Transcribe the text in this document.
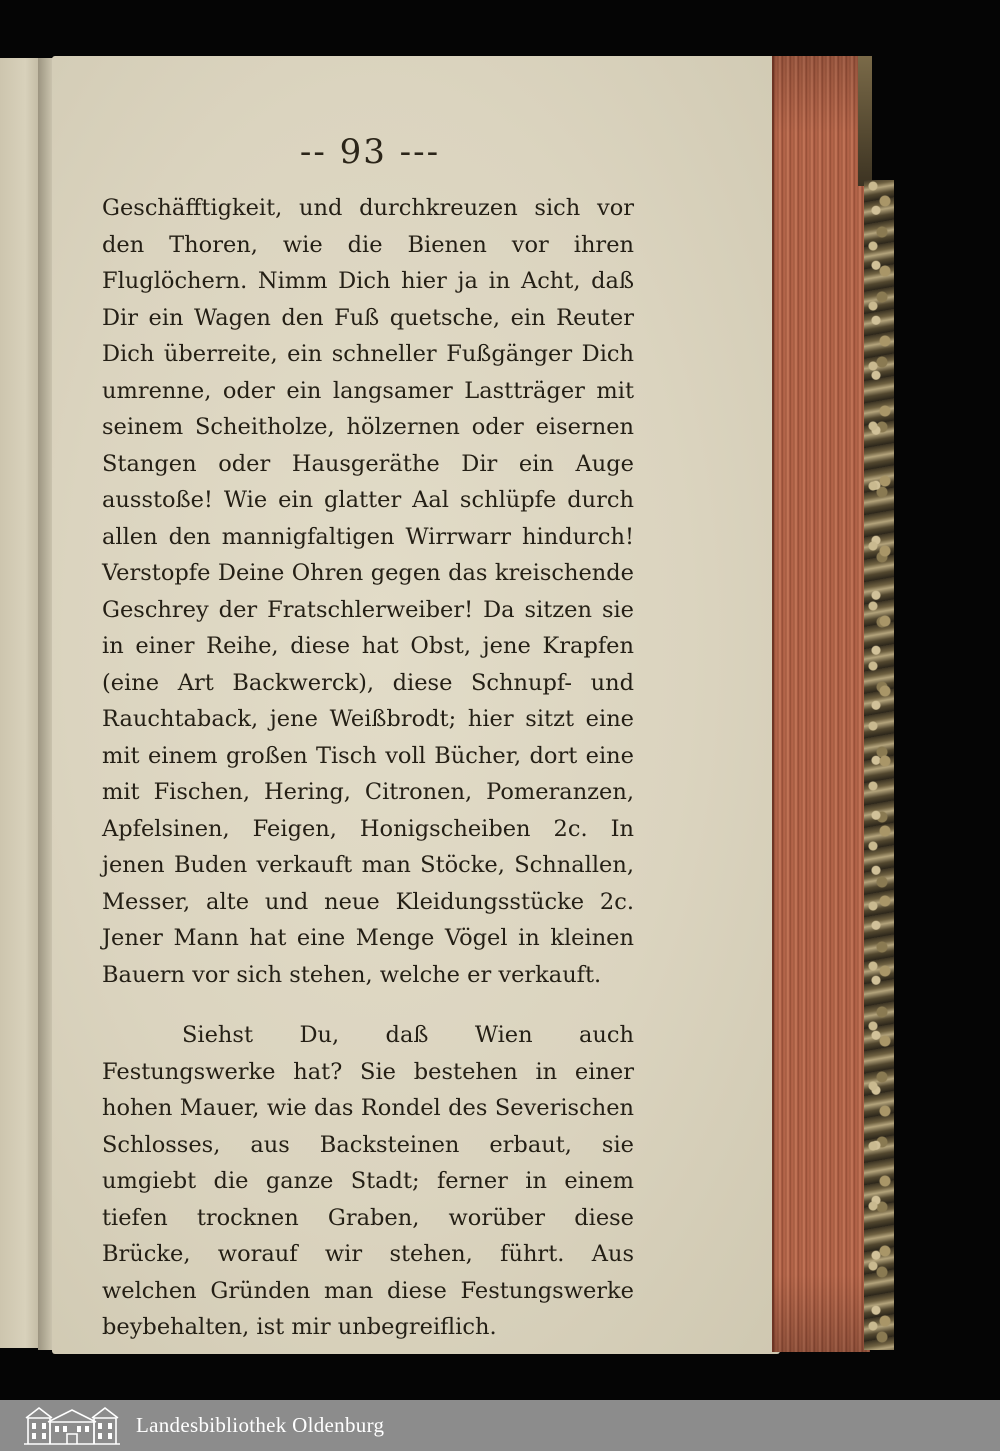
-- 93 ---

Geschäfftigkeit, und durchkreuzen sich vor den Thoren, wie die Bienen vor ihren Fluglöchern. Nimm Dich hier ja in Acht, daß Dir ein Wagen den Fuß quetsche, ein Reuter Dich überreite, ein schneller Fußgänger Dich umrenne, oder ein langsamer Lastträger mit seinem Scheitholze, hölzernen oder eisernen Stangen oder Hausgeräthe Dir ein Auge ausstoße! Wie ein glatter Aal schlüpfe durch allen den mannigfaltigen Wirrwarr hindurch! Verstopfe Deine Ohren gegen das kreischende Geschrey der Fratschlerweiber! Da sitzen sie in einer Reihe, diese hat Obst, jene Krapfen (eine Art Backwerck), diese Schnupf- und Rauchtaback, jene Weißbrodt; hier sitzt eine mit einem großen Tisch voll Bücher, dort eine mit Fischen, Hering, Citronen, Pomeranzen, Apfelsinen, Feigen, Honigscheiben 2c. In jenen Buden verkauft man Stöcke, Schnallen, Messer, alte und neue Kleidungsstücke 2c. Jener Mann hat eine Menge Vögel in kleinen Bauern vor sich stehen, welche er verkauft.

Siehst Du, daß Wien auch Festungswerke hat? Sie bestehen in einer hohen Mauer, wie das Rondel des Severischen Schlosses, aus Backsteinen erbaut, sie umgiebt die ganze Stadt; ferner in einem tiefen trocknen Graben, worüber diese Brücke, worauf wir stehen, führt. Aus welchen Gründen man diese Festungswerke beybehalten, ist mir unbegreiflich.

Landesbibliothek Oldenburg
